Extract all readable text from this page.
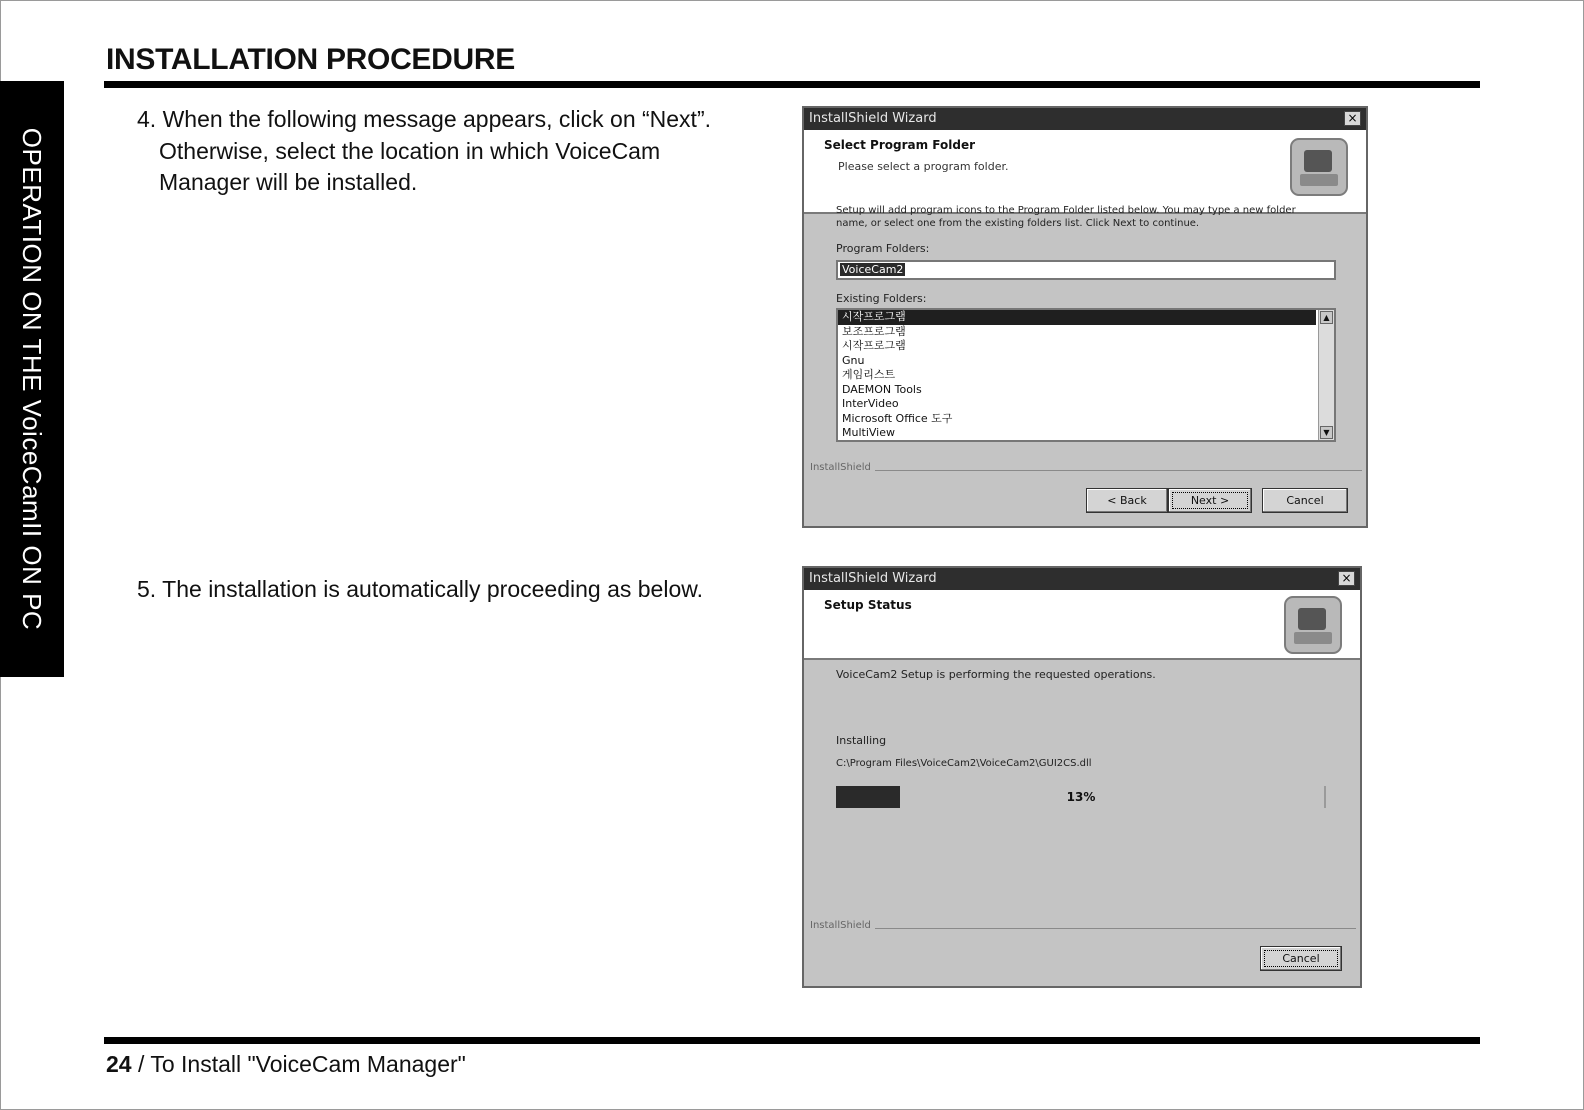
OPERATION ON THE VoiceCamII ON PC
INSTALLATION PROCEDURE
4. When the following message appears, click on “Next”.
Otherwise, select the location in which VoiceCam
Manager will be installed.
5. The installation is automatically proceeding as below.
InstallShield Wizard	×
Select Program Folder
Please select a program folder.
Setup will add program icons to the Program Folder listed below. You may type a new folder
name, or select one from the existing folders list. Click Next to continue.
Program Folders:
VoiceCam2
Existing Folders:
시작프로그램
보조프로그램
시작프로그램
Gnu
게임리스트
DAEMON Tools
InterVideo
Microsoft Office 도구
MultiView
▲
▼
InstallShield
< Back	Next >	Cancel
InstallShield Wizard	×
Setup Status
VoiceCam2 Setup is performing the requested operations.
Installing
C:\Program Files\VoiceCam2\VoiceCam2\GUI2CS.dll
13%
InstallShield
Cancel
24 / To Install "VoiceCam Manager"
